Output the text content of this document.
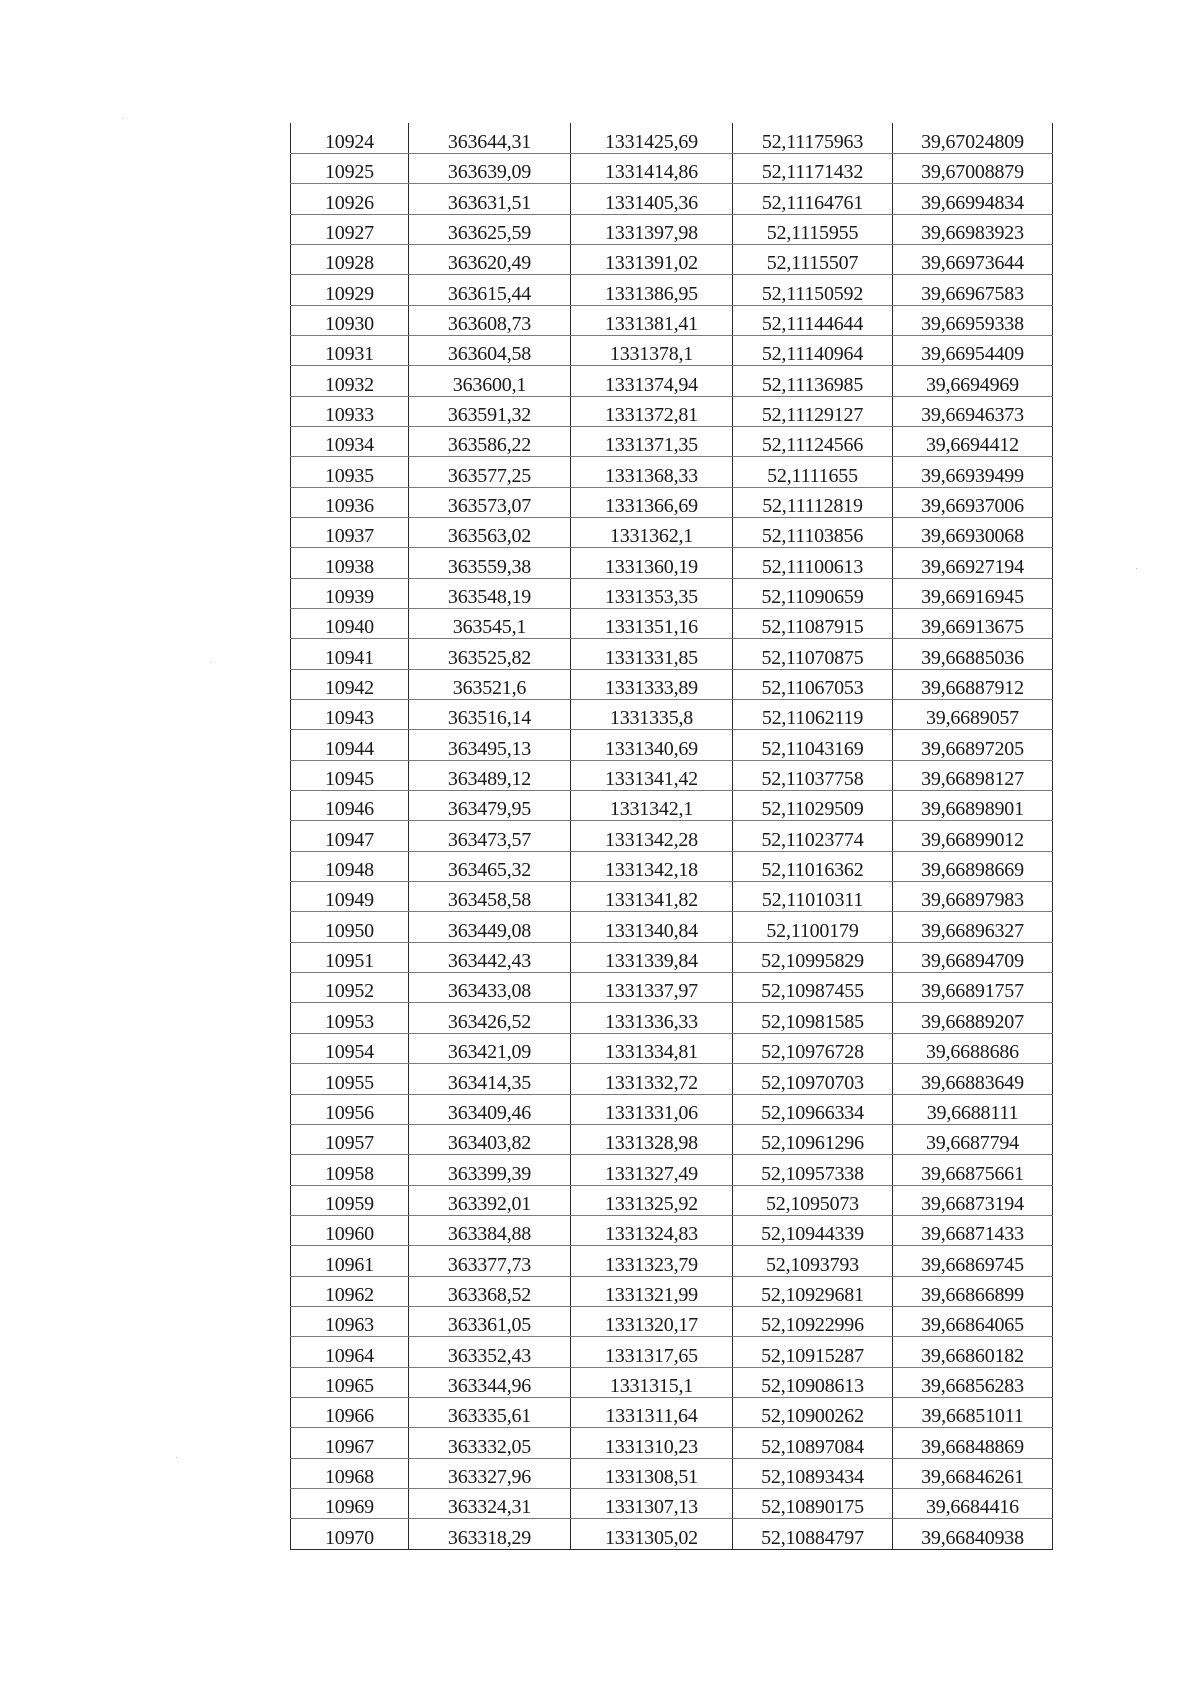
10924	363644,31	1331425,69	52,11175963	39,67024809
10925	363639,09	1331414,86	52,11171432	39,67008879
10926	363631,51	1331405,36	52,11164761	39,66994834
10927	363625,59	1331397,98	52,1115955	39,66983923
10928	363620,49	1331391,02	52,1115507	39,66973644
10929	363615,44	1331386,95	52,11150592	39,66967583
10930	363608,73	1331381,41	52,11144644	39,66959338
10931	363604,58	1331378,1	52,11140964	39,66954409
10932	363600,1	1331374,94	52,11136985	39,6694969
10933	363591,32	1331372,81	52,11129127	39,66946373
10934	363586,22	1331371,35	52,11124566	39,6694412
10935	363577,25	1331368,33	52,1111655	39,66939499
10936	363573,07	1331366,69	52,11112819	39,66937006
10937	363563,02	1331362,1	52,11103856	39,66930068
10938	363559,38	1331360,19	52,11100613	39,66927194
10939	363548,19	1331353,35	52,11090659	39,66916945
10940	363545,1	1331351,16	52,11087915	39,66913675
10941	363525,82	1331331,85	52,11070875	39,66885036
10942	363521,6	1331333,89	52,11067053	39,66887912
10943	363516,14	1331335,8	52,11062119	39,6689057
10944	363495,13	1331340,69	52,11043169	39,66897205
10945	363489,12	1331341,42	52,11037758	39,66898127
10946	363479,95	1331342,1	52,11029509	39,66898901
10947	363473,57	1331342,28	52,11023774	39,66899012
10948	363465,32	1331342,18	52,11016362	39,66898669
10949	363458,58	1331341,82	52,11010311	39,66897983
10950	363449,08	1331340,84	52,1100179	39,66896327
10951	363442,43	1331339,84	52,10995829	39,66894709
10952	363433,08	1331337,97	52,10987455	39,66891757
10953	363426,52	1331336,33	52,10981585	39,66889207
10954	363421,09	1331334,81	52,10976728	39,6688686
10955	363414,35	1331332,72	52,10970703	39,66883649
10956	363409,46	1331331,06	52,10966334	39,6688111
10957	363403,82	1331328,98	52,10961296	39,6687794
10958	363399,39	1331327,49	52,10957338	39,66875661
10959	363392,01	1331325,92	52,1095073	39,66873194
10960	363384,88	1331324,83	52,10944339	39,66871433
10961	363377,73	1331323,79	52,1093793	39,66869745
10962	363368,52	1331321,99	52,10929681	39,66866899
10963	363361,05	1331320,17	52,10922996	39,66864065
10964	363352,43	1331317,65	52,10915287	39,66860182
10965	363344,96	1331315,1	52,10908613	39,66856283
10966	363335,61	1331311,64	52,10900262	39,66851011
10967	363332,05	1331310,23	52,10897084	39,66848869
10968	363327,96	1331308,51	52,10893434	39,66846261
10969	363324,31	1331307,13	52,10890175	39,6684416
10970	363318,29	1331305,02	52,10884797	39,66840938
